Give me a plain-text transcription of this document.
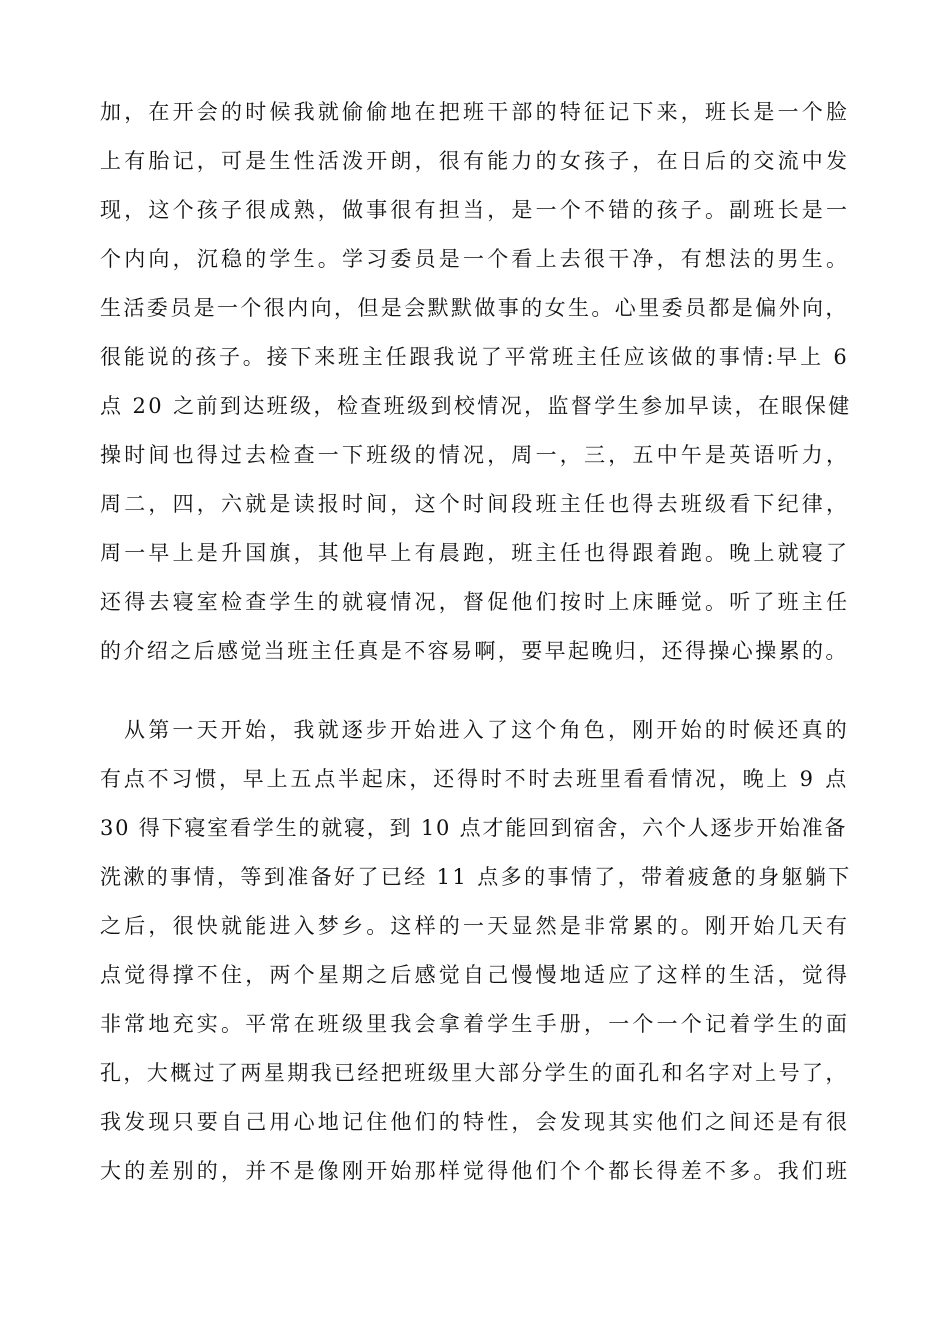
加，在开会的时候我就偷偷地在把班干部的特征记下来，班长是一个脸
上有胎记，可是生性活泼开朗，很有能力的女孩子，在日后的交流中发
现，这个孩子很成熟，做事很有担当，是一个不错的孩子。副班长是一
个内向，沉稳的学生。学习委员是一个看上去很干净，有想法的男生。
生活委员是一个很内向，但是会默默做事的女生。心里委员都是偏外向，
很能说的孩子。接下来班主任跟我说了平常班主任应该做的事情:早上 6
点 20 之前到达班级，检查班级到校情况，监督学生参加早读，在眼保健
操时间也得过去检查一下班级的情况，周一，三，五中午是英语听力，
周二，四，六就是读报时间，这个时间段班主任也得去班级看下纪律，
周一早上是升国旗，其他早上有晨跑，班主任也得跟着跑。晚上就寝了
还得去寝室检查学生的就寝情况，督促他们按时上床睡觉。听了班主任
的介绍之后感觉当班主任真是不容易啊，要早起晚归，还得操心操累的。
从第一天开始，我就逐步开始进入了这个角色，刚开始的时候还真的
有点不习惯，早上五点半起床，还得时不时去班里看看情况，晚上 9 点
30 得下寝室看学生的就寝，到 10 点才能回到宿舍，六个人逐步开始准备
洗漱的事情，等到准备好了已经 11 点多的事情了，带着疲惫的身躯躺下
之后，很快就能进入梦乡。这样的一天显然是非常累的。刚开始几天有
点觉得撑不住，两个星期之后感觉自己慢慢地适应了这样的生活，觉得
非常地充实。平常在班级里我会拿着学生手册，一个一个记着学生的面
孔，大概过了两星期我已经把班级里大部分学生的面孔和名字对上号了，
我发现只要自己用心地记住他们的特性，会发现其实他们之间还是有很
大的差别的，并不是像刚开始那样觉得他们个个都长得差不多。我们班
